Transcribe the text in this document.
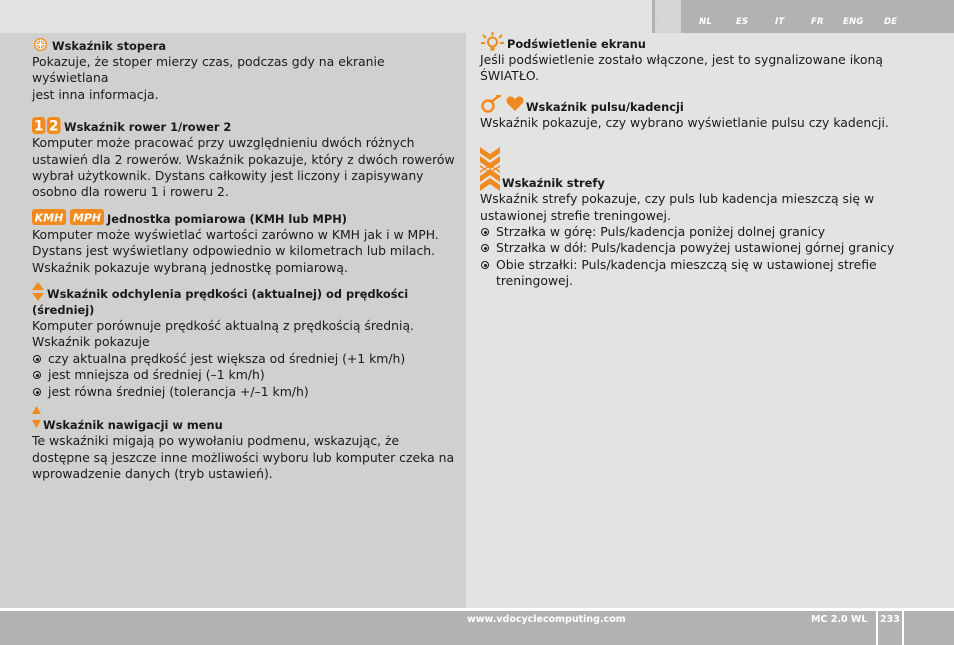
PL	NL	ES	IT	FR ENG DE
Wskaźnik stopera

Pokazuje, że stoper mierzy czas, podczas gdy na ekranie wyświetlana

jest inna informacja.

1 2 Wskaźnik rower 1/rower 2

Komputer może pracować przy uwzględnieniu dwóch różnych

ustawień dla 2 rowerów. Wskaźnik pokazuje, który z dwóch rowerów

wybrał użytkownik. Dystans całkowity jest liczony i zapisywany

osobno dla roweru 1 i roweru 2.

KMH MPH Jednostka pomiarowa (KMH lub MPH)

Komputer może wyświetlać wartości zarówno w KMH jak i w MPH.

Dystans jest wyświetlany odpowiednio w kilometrach lub milach.

Wskaźnik pokazuje wybraną jednostkę pomiarową.

Wskaźnik odchylenia prędkości (aktualnej) od prędkości
(średniej)

Komputer porównuje prędkość aktualną z prędkością średnią.

Wskaźnik pokazuje

czy aktualna prędkość jest większa od średniej (+1 km/h)
jest mniejsza od średniej (–1 km/h)
jest równa średniej (tolerancja +/–1 km/h)
Wskaźnik nawigacji w menu

Te wskaźniki migają po wywołaniu podmenu, wskazując, że

dostępne są jeszcze inne możliwości wyboru lub komputer czeka na

wprowadzenie danych (tryb ustawień).

Podświetlenie ekranu

Jeśli podświetlenie zostało włączone, jest to sygnalizowane ikoną

ŚWIATŁO.

Wskaźnik pulsu/kadencji

Wskaźnik pokazuje, czy wybrano wyświetlanie pulsu czy kadencji.

Wskaźnik strefy

Wskaźnik strefy pokazuje, czy puls lub kadencja mieszczą się w

ustawionej strefie treningowej.

Strzałka w górę: Puls/kadencja poniżej dolnej granicy
Strzałka w dół: Puls/kadencja powyżej ustawionej górnej granicy
Obie strzałki: Puls/kadencja mieszczą się w ustawionej strefie
treningowej.
www.vdocyclecomputing.com	MC 2.0 WL 233
